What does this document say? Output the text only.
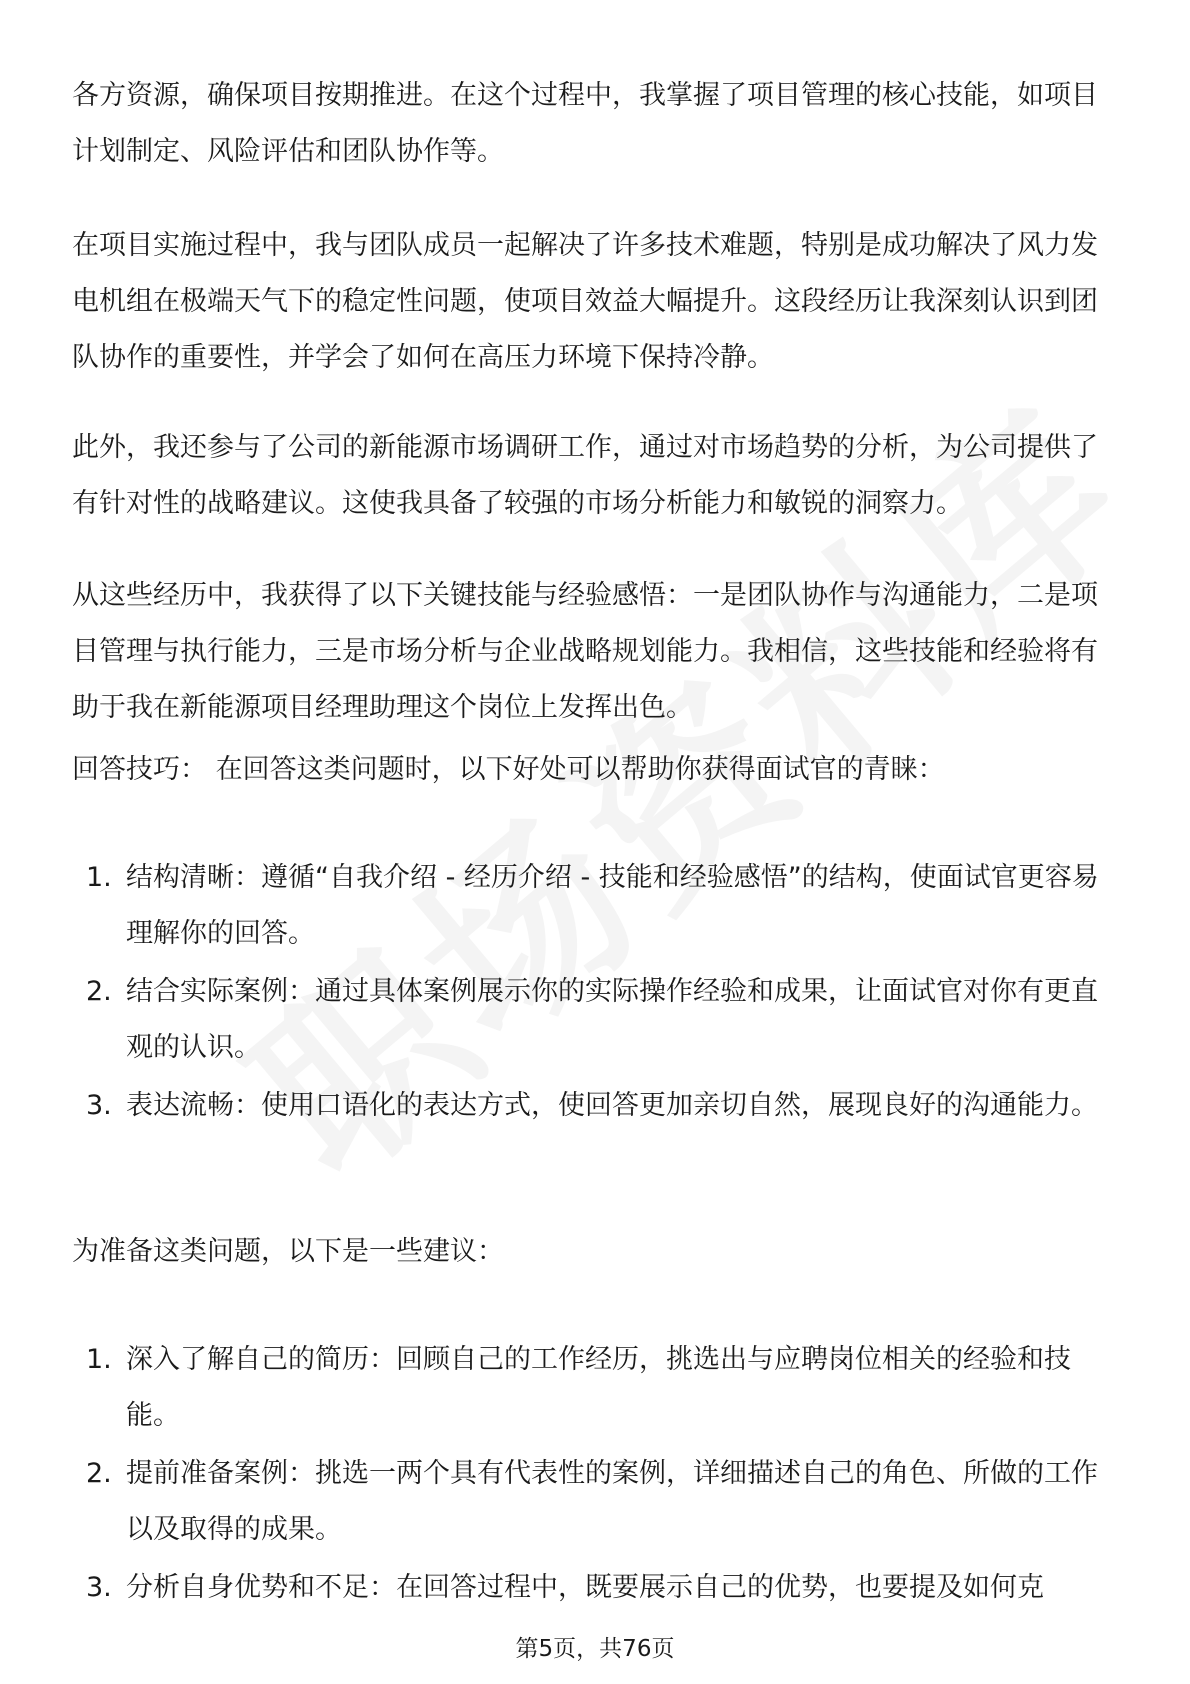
各方资源，确保项目按期推进。在这个过程中，我掌握了项目管理的核心技能，如项目计划制定、风险评估和团队协作等。

在项目实施过程中，我与团队成员一起解决了许多技术难题，特别是成功解决了风力发电机组在极端天气下的稳定性问题，使项目效益大幅提升。这段经历让我深刻认识到团队协作的重要性，并学会了如何在高压力环境下保持冷静。

此外，我还参与了公司的新能源市场调研工作，通过对市场趋势的分析，为公司提供了有针对性的战略建议。这使我具备了较强的市场分析能力和敏锐的洞察力。

从这些经历中，我获得了以下关键技能与经验感悟：一是团队协作与沟通能力，二是项目管理与执行能力，三是市场分析与企业战略规划能力。我相信，这些技能和经验将有助于我在新能源项目经理助理这个岗位上发挥出色。

回答技巧： 在回答这类问题时，以下好处可以帮助你获得面试官的青睐：

1. 结构清晰：遵循“自我介绍 - 经历介绍 - 技能和经验感悟”的结构，使面试官更容易理解你的回答。
2. 结合实际案例：通过具体案例展示你的实际操作经验和成果，让面试官对你有更直观的认识。
3. 表达流畅：使用口语化的表达方式，使回答更加亲切自然，展现良好的沟通能力。

为准备这类问题，以下是一些建议：

1. 深入了解自己的简历：回顾自己的工作经历，挑选出与应聘岗位相关的经验和技能。
2. 提前准备案例：挑选一两个具有代表性的案例，详细描述自己的角色、所做的工作以及取得的成果。
3. 分析自身优势和不足：在回答过程中，既要展示自己的优势，也要提及如何克
第5页，共76页
